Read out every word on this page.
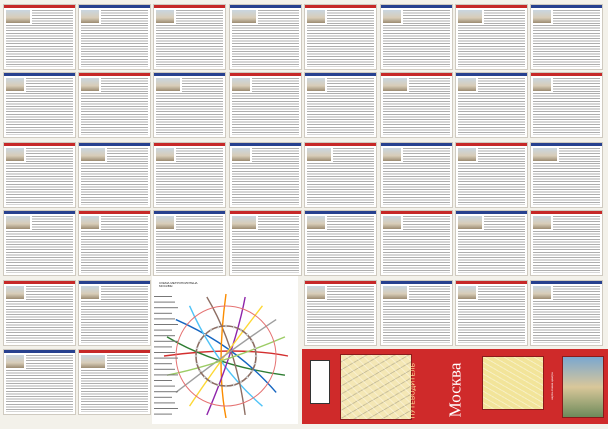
СХЕМА МЕТРОПОЛИТЕНА МОСКВЫ
ПУТЕВОДИТЕЛЬ Москва	карта-схема центра
